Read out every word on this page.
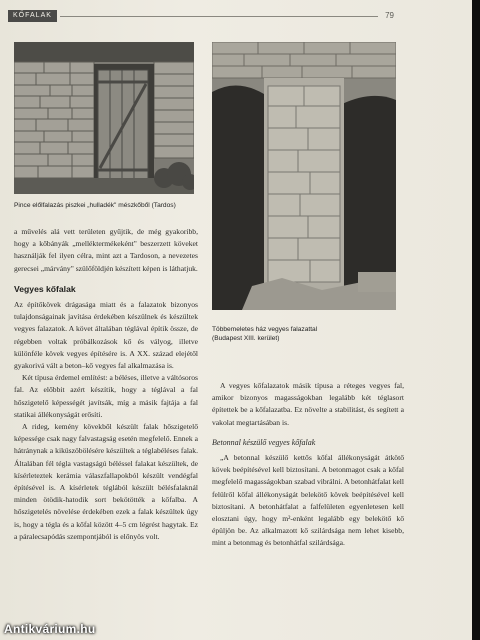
KŐFALAK	79
Pince előlfalazás piszkei „hulladék" mészkőből (Tardos)
Többemeletes ház vegyes falazattal
(Budapest XIII. kerület)

a művelés alá vett területen gyűjtik, de még gyakoribb, hogy a kőbányák „melléktermékeként" beszerzett köveket használják fel ilyen célra, mint azt a Tardoson, a nevezetes gerecsei „márvány" szülőföldjén készített képen is láthatjuk.

Vegyes kőfalak

Az építőkövek drágasága miatt és a falazatok bizonyos tulajdonságainak javítása érdekében készülnek és készültek vegyes falazatok. A követ általában téglával építik össze, de régebben voltak próbálkozások kő és vályog, illetve különféle kövek vegyes építésére is. A XX. század elejétől gyakorivá vált a beton–kő vegyes fal alkalmazása is.

Két típusa érdemel említést: a béléses, illetve a váltósoros fal. Az előbbit azért készítik, hogy a téglával a fal hőszigetelő képességét javítsák, míg a másik fajtája a fal statikai állékonyságát erősíti.

A rideg, kemény kövekből készült falak hőszigetelő képessége csak nagy falvastagság esetén megfelelő. Ennek a hátránynak a kiküszöbölésére készültek a téglabéléses falak. Általában fél tégla vastagságú béléssel falakat készültek, de kísérleteztek kerámia válaszfallapokból készült vendégfal építésével is. A kísérletek téglából készült bélésfalaknál minden ötödik-hatodik sort bekötötték a kőfalba. A hőszigetelés növelése érdekében ezek a falak készültek úgy is, hogy a tégla és a kőfal között 4–5 cm légrést hagytak. Ez a páralecsapódás szempontjából is előnyös volt.

A vegyes kőfalazatok másik típusa a réteges vegyes fal, amikor bizonyos magasságokban legalább két téglasort építettek be a kőfalazatba. Ez növelte a stabilitást, és segített a vakolat megtartásában is.

Betonnal készülő vegyes kőfalak

„A betonnal készülő kettős kőfal állékonyságát átkötő kövek beépítésével kell biztosítani. A betonmagot csak a kőfal megfelelő magasságokban szabad vibrálni. A betonhátfalat kell felülről kőfal állékonyságát belekötő kövek beépítésével kell biztosítani. A betonhátfalat a falfelületen egyenletesen kell elosztani úgy, hogy m²-enként legalább egy belekötő kő épüljön be. Az alkalmazott kő szilárdsága nem lehet kisebb, mint a betonmag és betonhátfal szilárdsága.

Antikvárium.hu
